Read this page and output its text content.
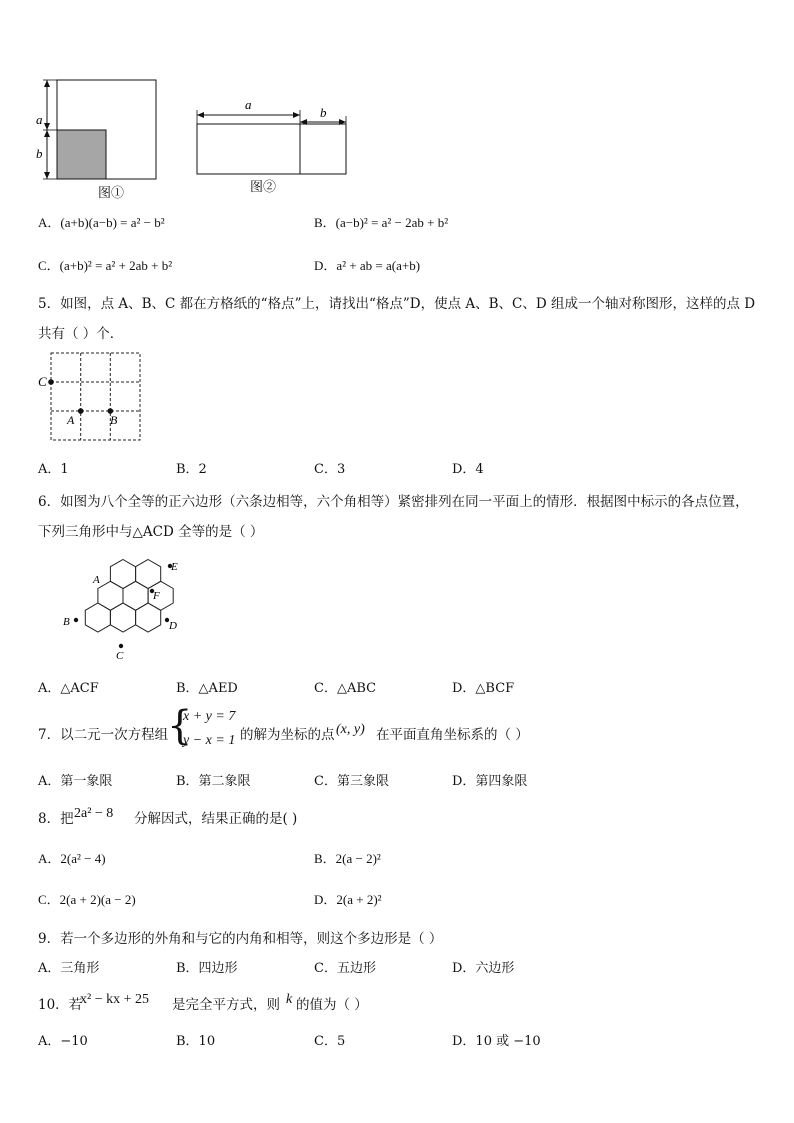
a
b
图①
a
b
图②
A．(a+b)(a−b) = a² − b²	B．(a−b)² = a² − 2ab + b²
C．(a+b)² = a² + 2ab + b²	D．a² + ab = a(a+b)
5．如图，点 A、B、C 都在方格纸的“格点”上，请找出“格点”D，使点 A、B、C、D 组成一个轴对称图形，这样的点 D
共有（ ）个．
C
A	B
A．1	B．2	C．3	D．4
6．如图为八个全等的正六边形（六条边相等，六个角相等）紧密排列在同一平面上的情形．根据图中标示的各点位置，
下列三角形中与△ACD 全等的是（ ）
A
E
F
B	D
C
A．△ACF	B．△AED	C．△ABC	D．△BCF
7．以二元一次方程组
{
x + y = 7
y − x = 1 的解为坐标的点 (x, y) 在平面直角坐标系的（ ）
A．第一象限	B．第二象限	C．第三象限	D．第四象限
8．把 2a² − 8 分解因式，结果正确的是( )
A．2(a² − 4)	B．2(a − 2)²
C．2(a + 2)(a − 2)	D．2(a + 2)²
9．若一个多边形的外角和与它的内角和相等，则这个多边形是（ ）
A．三角形	B．四边形	C．五边形	D．六边形
10．若
x² − kx + 25 是完全平方式，则 k 的值为（ ）
A．−10	B．10	C．5	D．10 或 −10
